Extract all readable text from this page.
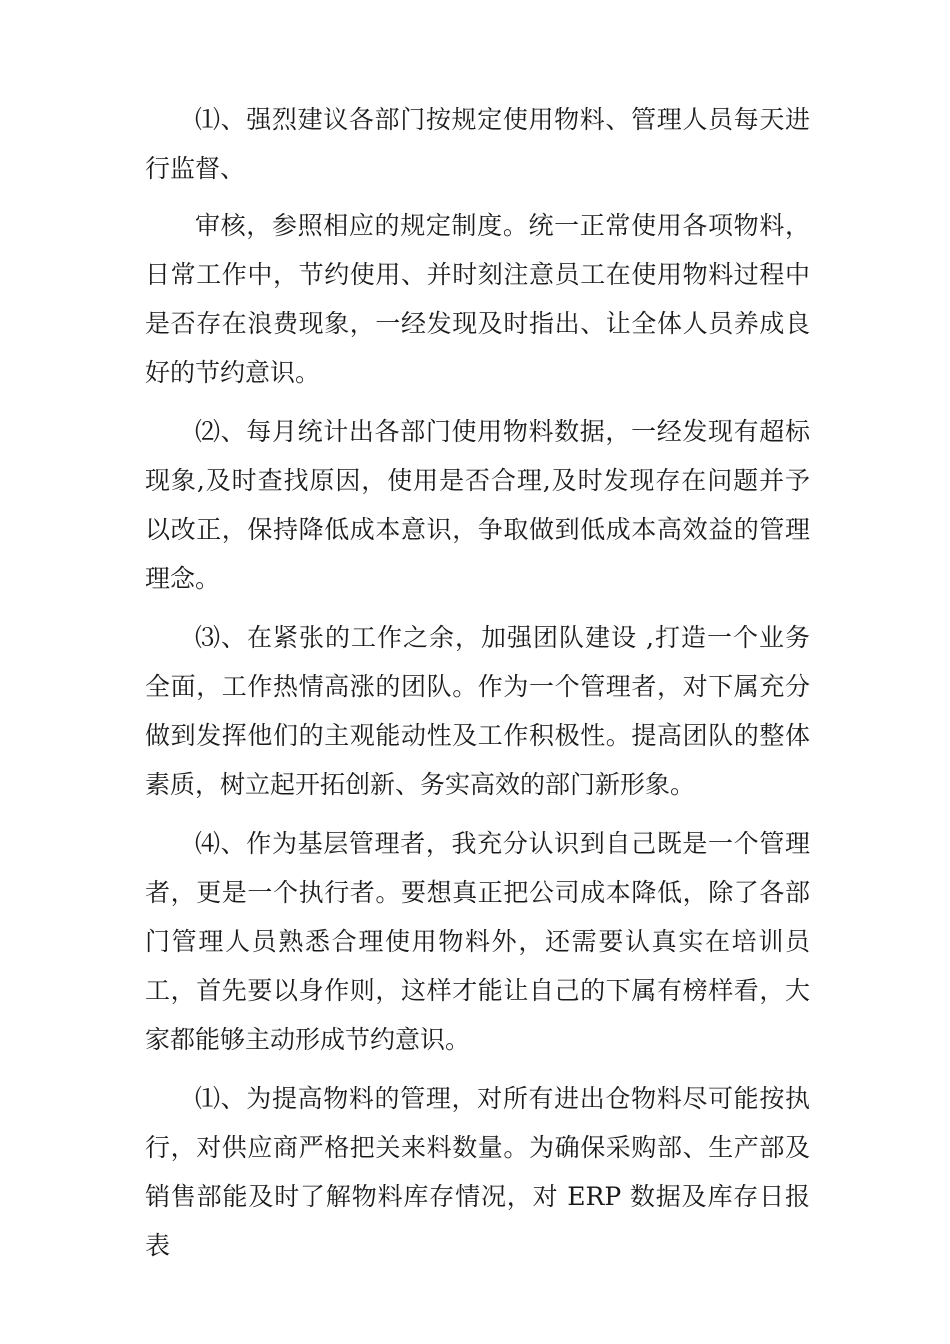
⑴、强烈建议各部门按规定使用物料、管理人员每天进行监督、

审核，参照相应的规定制度。统一正常使用各项物料，日常工作中，节约使用、并时刻注意员工在使用物料过程中是否存在浪费现象，一经发现及时指出、让全体人员养成良好的节约意识。

⑵、每月统计出各部门使用物料数据，一经发现有超标现象,及时查找原因，使用是否合理,及时发现存在问题并予以改正，保持降低成本意识，争取做到低成本高效益的管理理念。

⑶、在紧张的工作之余，加强团队建设 ,打造一个业务全面，工作热情高涨的团队。作为一个管理者，对下属充分做到发挥他们的主观能动性及工作积极性。提高团队的整体素质，树立起开拓创新、务实高效的部门新形象。

⑷、作为基层管理者，我充分认识到自己既是一个管理者，更是一个执行者。要想真正把公司成本降低，除了各部门管理人员熟悉合理使用物料外，还需要认真实在培训员工，首先要以身作则，这样才能让自己的下属有榜样看，大家都能够主动形成节约意识。

⑴、为提高物料的管理，对所有进出仓物料尽可能按执行，对供应商严格把关来料数量。为确保采购部、生产部及销售部能及时了解物料库存情况，对 ERP 数据及库存日报表
